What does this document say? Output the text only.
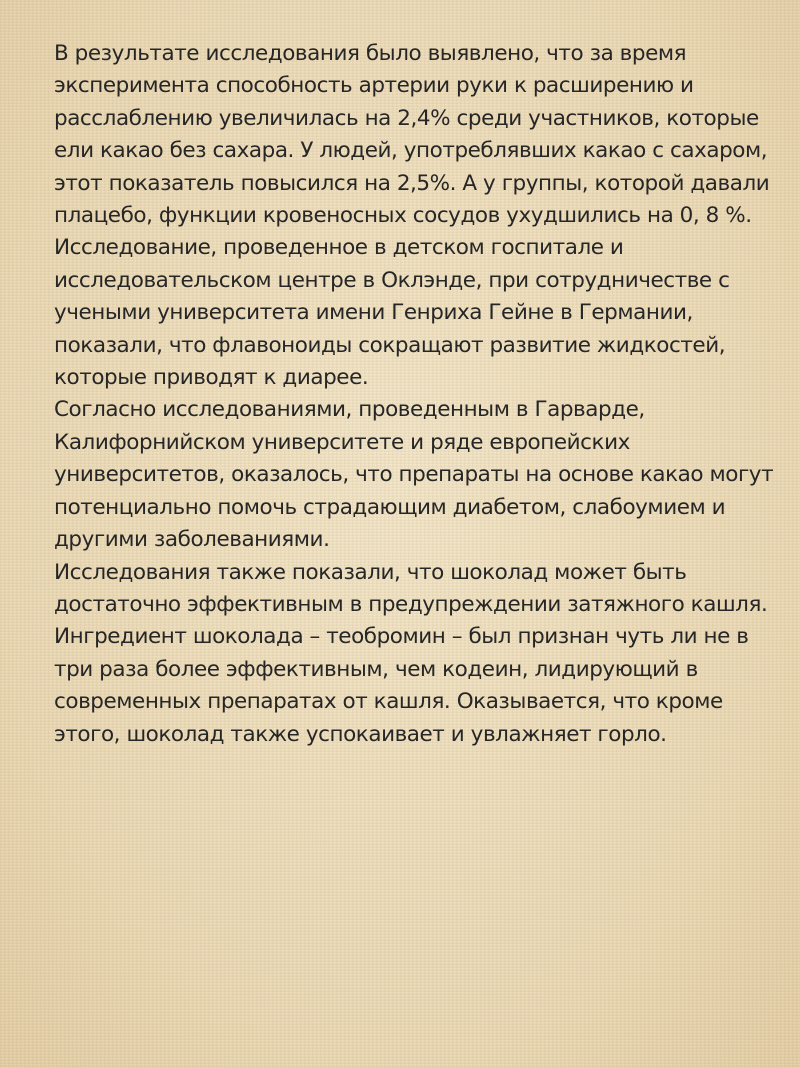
В результате исследования было выявлено, что за время эксперимента способность артерии руки к расширению и расслаблению увеличилась на 2,4% среди участников, которые ели какао без сахара. У людей, употреблявших какао с сахаром, этот показатель повысился на 2,5%. А у группы, которой давали плацебо, функции кровеносных сосудов ухудшились на 0, 8 %.

Исследование, проведенное в детском госпитале и исследовательском центре в Оклэнде, при сотрудничестве с учеными университета имени Генриха Гейне в Германии, показали, что флавоноиды сокращают развитие жидкостей, которые приводят к диарее.

Согласно исследованиями, проведенным в Гарварде, Калифорнийском университете и ряде европейских университетов, оказалось, что препараты на основе какао могут потенциально помочь страдающим диабетом, слабоумием и другими заболеваниями.

Исследования также показали, что шоколад может быть достаточно эффективным в предупреждении затяжного кашля. Ингредиент шоколада – теобромин – был признан чуть ли не в три раза более эффективным, чем кодеин, лидирующий в современных препаратах от кашля. Оказывается, что кроме этого, шоколад также успокаивает и увлажняет горло.
